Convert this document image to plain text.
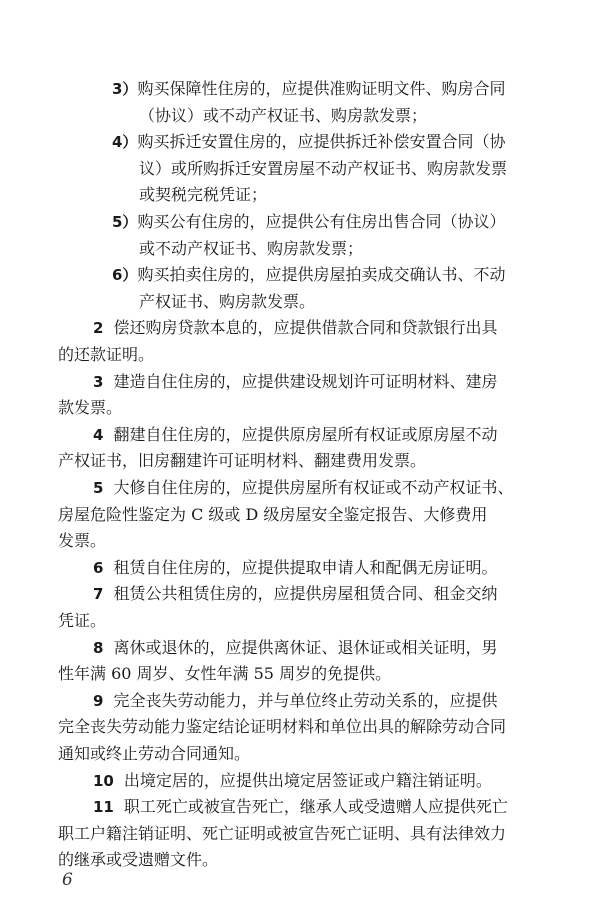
3）购买保障性住房的，应提供准购证明文件、购房合同
（协议）或不动产权证书、购房款发票；
4）购买拆迁安置住房的，应提供拆迁补偿安置合同（协
议）或所购拆迁安置房屋不动产权证书、购房款发票
或契税完税凭证；
5）购买公有住房的，应提供公有住房出售合同（协议）
或不动产权证书、购房款发票；
6）购买拍卖住房的，应提供房屋拍卖成交确认书、不动
产权证书、购房款发票。
2 偿还购房贷款本息的，应提供借款合同和贷款银行出具
的还款证明。
3 建造自住住房的，应提供建设规划许可证明材料、建房
款发票。
4 翻建自住住房的，应提供原房屋所有权证或原房屋不动
产权证书，旧房翻建许可证明材料、翻建费用发票。
5 大修自住住房的，应提供房屋所有权证或不动产权证书、
房屋危险性鉴定为 C 级或 D 级房屋安全鉴定报告、大修费用
发票。
6 租赁自住住房的，应提供提取申请人和配偶无房证明。
7 租赁公共租赁住房的，应提供房屋租赁合同、租金交纳
凭证。
8 离休或退休的，应提供离休证、退休证或相关证明，男
性年满 60 周岁、女性年满 55 周岁的免提供。
9 完全丧失劳动能力，并与单位终止劳动关系的，应提供
完全丧失劳动能力鉴定结论证明材料和单位出具的解除劳动合同
通知或终止劳动合同通知。
10 出境定居的，应提供出境定居签证或户籍注销证明。
11 职工死亡或被宣告死亡，继承人或受遗赠人应提供死亡
职工户籍注销证明、死亡证明或被宣告死亡证明、具有法律效力
的继承或受遗赠文件。
6
